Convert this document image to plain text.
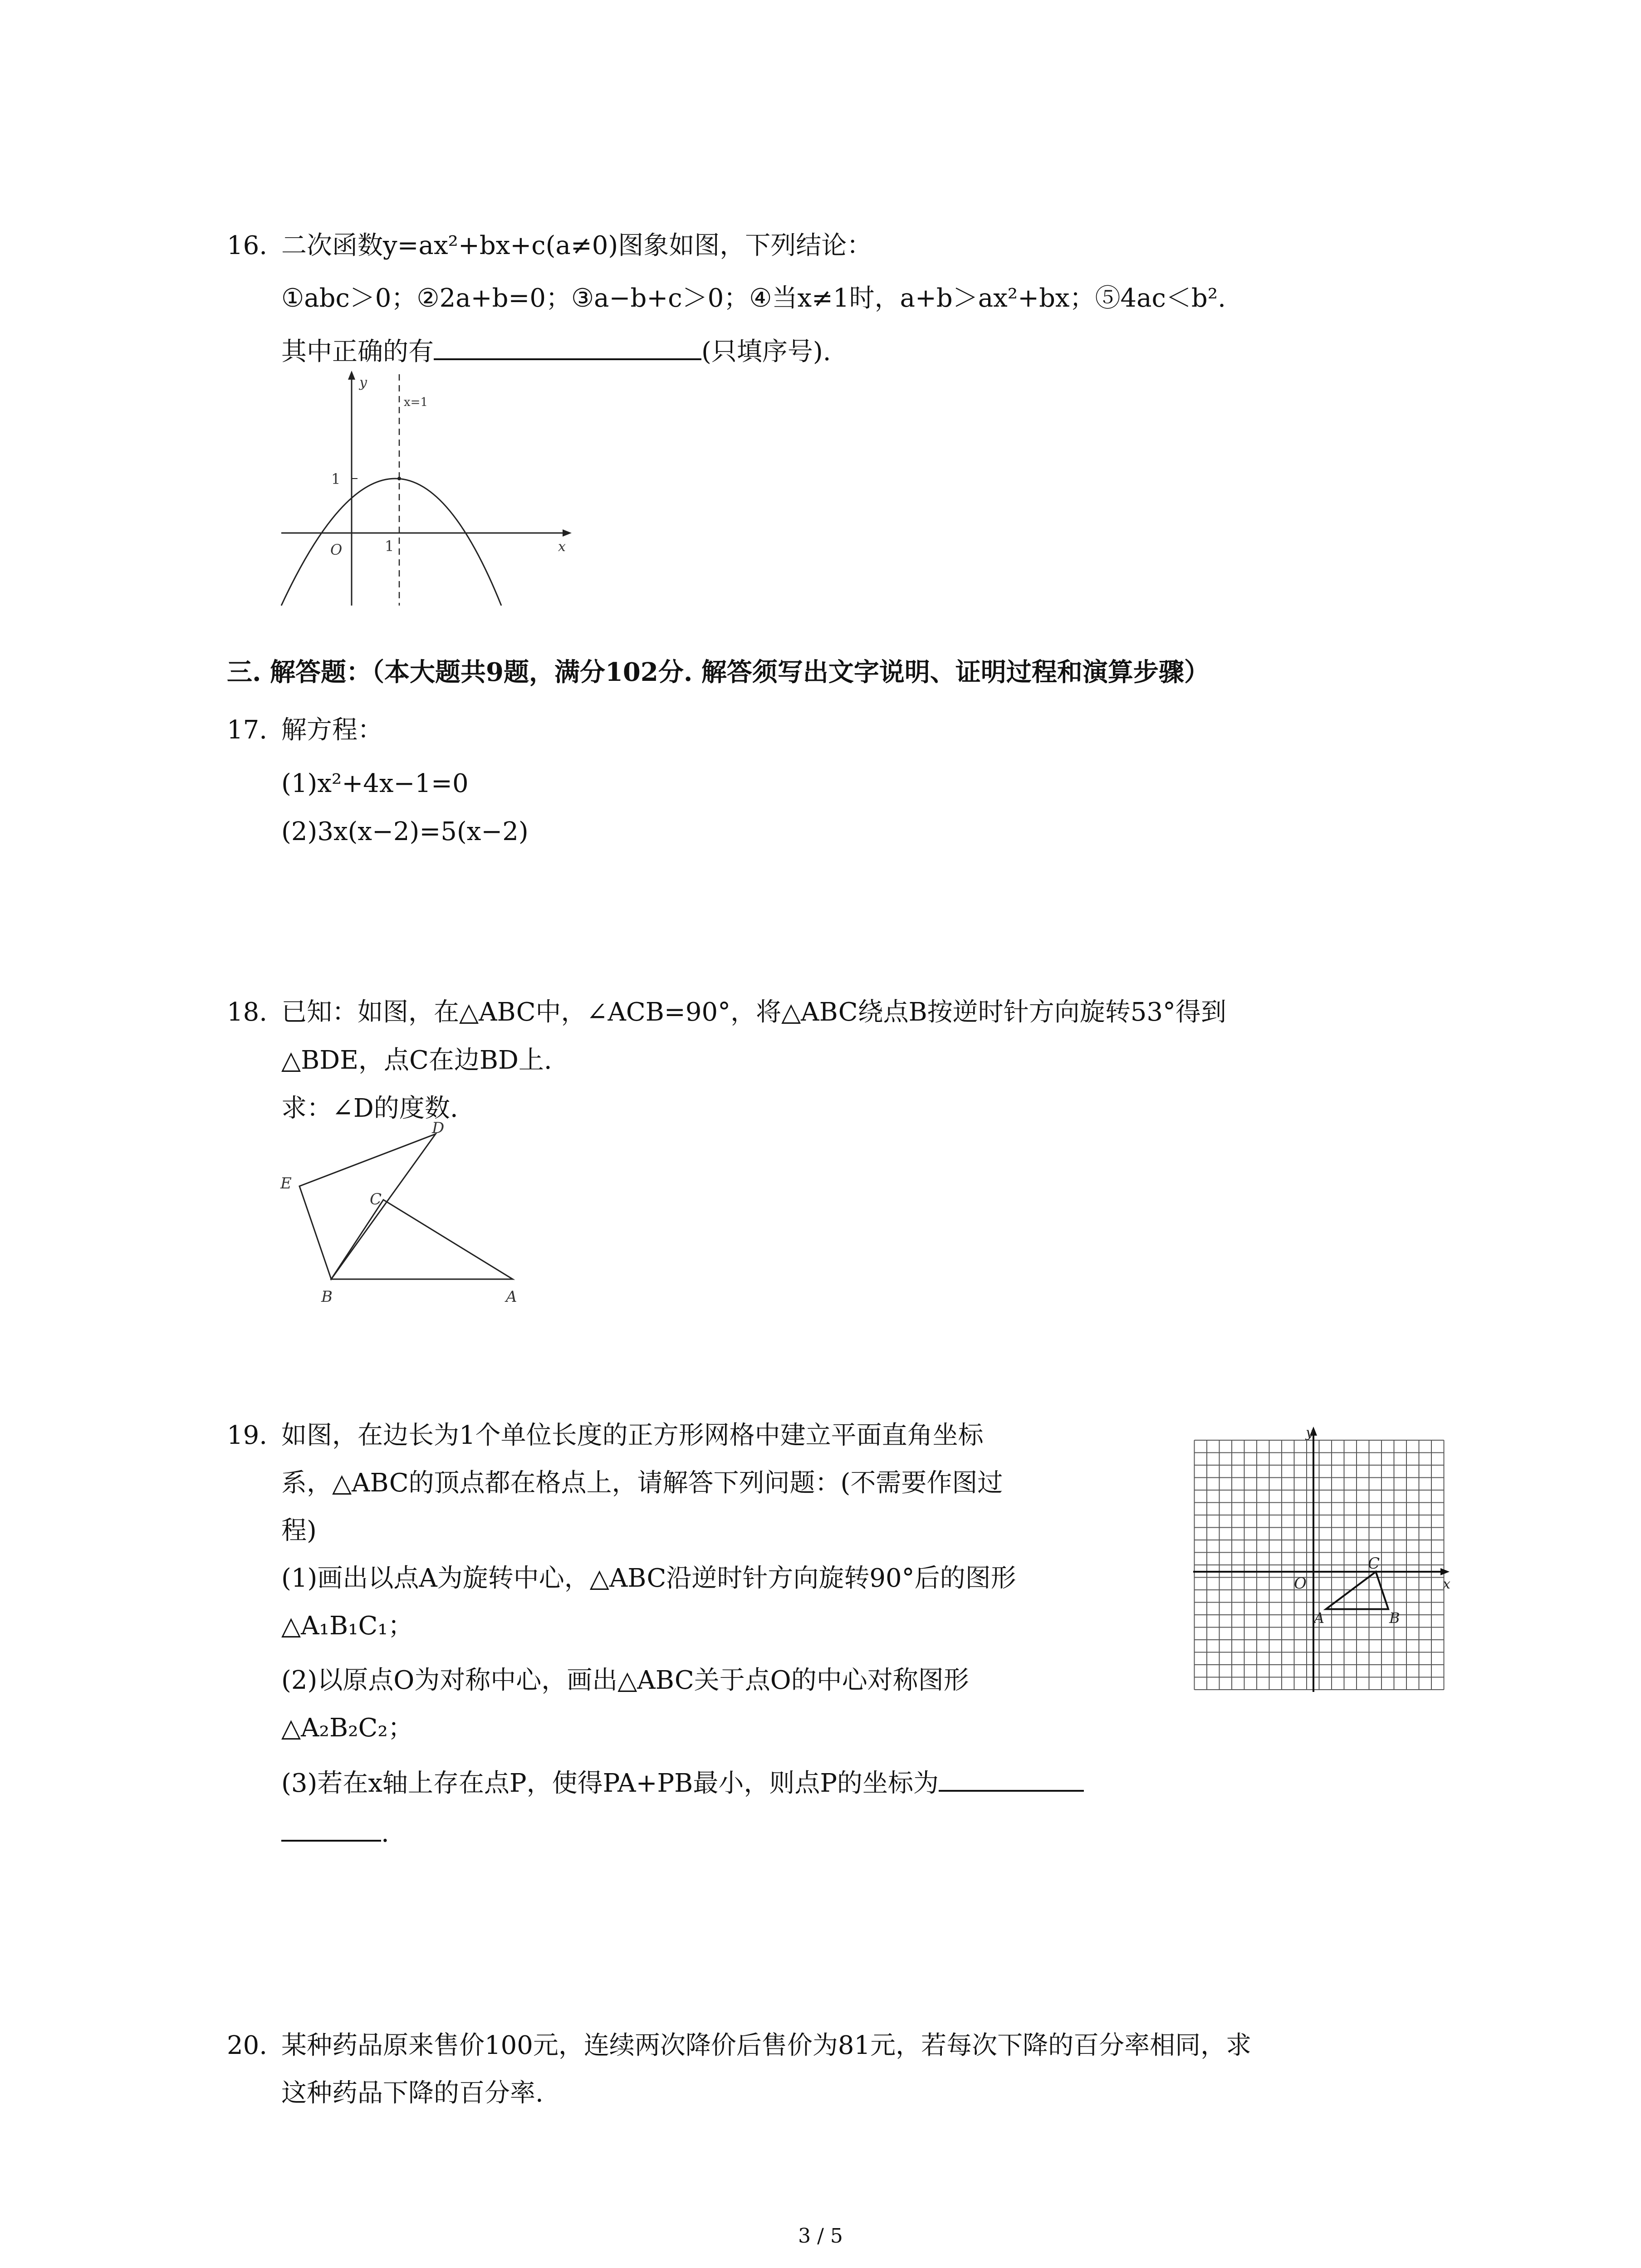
16. 二次函数y=ax²+bx+c(a≠0)图象如图，下列结论：
①abc＞0；②2a+b=0；③a−b+c＞0；④当x≠1时，a+b＞ax²+bx；⑤4ac＜b².
其中正确的有	(只填序号).
y
x
O
x=1
1
1
三. 解答题：（本大题共9题，满分102分. 解答须写出文字说明、证明过程和演算步骤）
17. 解方程：
(1)x²+4x−1=0
(2)3x(x−2)=5(x−2)
18. 已知：如图，在△ABC中，∠ACB=90°，将△ABC绕点B按逆时针方向旋转53°得到
△BDE，点C在边BD上.
求：∠D的度数.
D
E
C
B	A
19. 如图，在边长为1个单位长度的正方形网格中建立平面直角坐标
系，△ABC的顶点都在格点上，请解答下列问题：(不需要作图过
程)
(1)画出以点A为旋转中心，△ABC沿逆时针方向旋转90°后的图形
△A₁B₁C₁；
(2)以原点O为对称中心，画出△ABC关于点O的中心对称图形
△A₂B₂C₂；
(3)若在x轴上存在点P，使得PA+PB最小，则点P的坐标为
.
y
x
O
C
A	B
20. 某种药品原来售价100元，连续两次降价后售价为81元，若每次下降的百分率相同，求
这种药品下降的百分率.
3 / 5
